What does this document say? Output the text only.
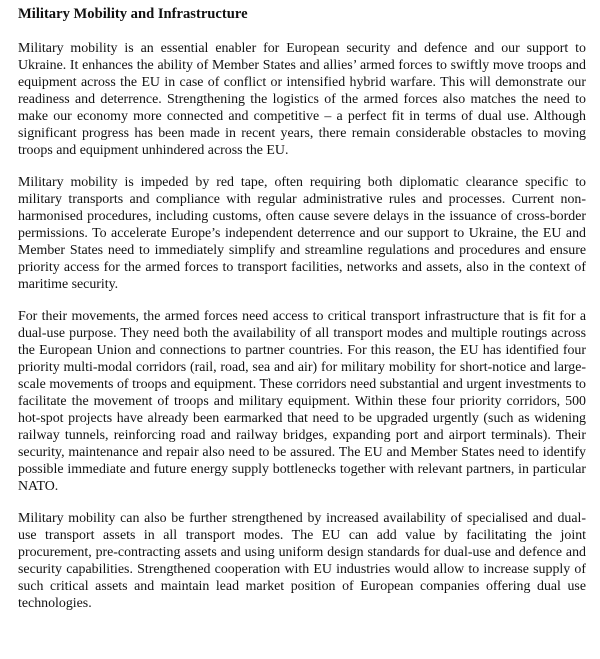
Military Mobility and Infrastructure

Military mobility is an essential enabler for European security and defence and our support to Ukraine. It enhances the ability of Member States and allies’ armed forces to swiftly move troops and equipment across the EU in case of conflict or intensified hybrid warfare. This will demonstrate our readiness and deterrence. Strengthening the logistics of the armed forces also matches the need to make our economy more connected and competitive – a perfect fit in terms of dual use. Although significant progress has been made in recent years, there remain considerable obstacles to moving troops and equipment unhindered across the EU.

Military mobility is impeded by red tape, often requiring both diplomatic clearance specific to military transports and compliance with regular administrative rules and processes. Current non-harmonised procedures, including customs, often cause severe delays in the issuance of cross-border permissions. To accelerate Europe’s independent deterrence and our support to Ukraine, the EU and Member States need to immediately simplify and streamline regulations and procedures and ensure priority access for the armed forces to transport facilities, networks and assets, also in the context of maritime security.

For their movements, the armed forces need access to critical transport infrastructure that is fit for a dual-use purpose. They need both the availability of all transport modes and multiple routings across the European Union and connections to partner countries. For this reason, the EU has identified four priority multi-modal corridors (rail, road, sea and air) for military mobility for short-notice and large-scale movements of troops and equipment. These corridors need substantial and urgent investments to facilitate the movement of troops and military equipment. Within these four priority corridors, 500 hot-spot projects have already been earmarked that need to be upgraded urgently (such as widening railway tunnels, reinforcing road and railway bridges, expanding port and airport terminals). Their security, maintenance and repair also need to be assured. The EU and Member States need to identify possible immediate and future energy supply bottlenecks together with relevant partners, in particular NATO.

Military mobility can also be further strengthened by increased availability of specialised and dual-use transport assets in all transport modes. The EU can add value by facilitating the joint procurement, pre-contracting assets and using uniform design standards for dual-use and defence and security capabilities. Strengthened cooperation with EU industries would allow to increase supply of such critical assets and maintain lead market position of European companies offering dual use technologies.
